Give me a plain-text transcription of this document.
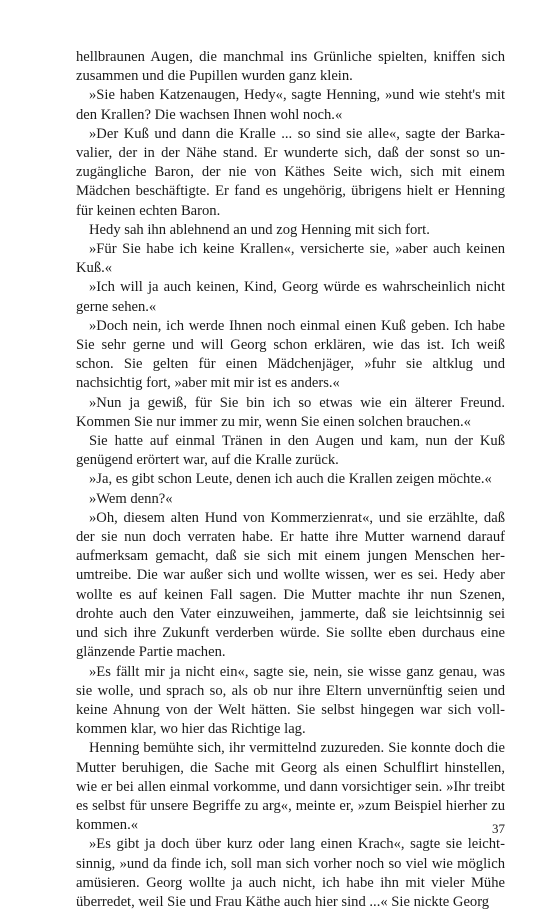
hellbraunen Augen, die manchmal ins Grünliche spielten, kniffen sich zusammen und die Pupillen wurden ganz klein.

»Sie haben Katzenaugen, Hedy«, sagte Henning, »und wie steht's mit den Krallen? Die wachsen Ihnen wohl noch.«

»Der Kuß und dann die Kralle ... so sind sie alle«, sagte der Barkavalier, der in der Nähe stand. Er wunderte sich, daß der sonst so unzugängliche Baron, der nie von Käthes Seite wich, sich mit einem Mädchen beschäftigte. Er fand es ungehörig, übrigens hielt er Henning für keinen echten Baron.

Hedy sah ihn ablehnend an und zog Henning mit sich fort.

»Für Sie habe ich keine Krallen«, versicherte sie, »aber auch keinen Kuß.«

»Ich will ja auch keinen, Kind, Georg würde es wahrscheinlich nicht gerne sehen.«

»Doch nein, ich werde Ihnen noch einmal einen Kuß geben. Ich habe Sie sehr gerne und will Georg schon erklären, wie das ist. Ich weiß schon. Sie gelten für einen Mädchenjäger, »fuhr sie altklug und nachsichtig fort, »aber mit mir ist es anders.«

»Nun ja gewiß, für Sie bin ich so etwas wie ein älterer Freund. Kommen Sie nur immer zu mir, wenn Sie einen solchen brauchen.«

Sie hatte auf einmal Tränen in den Augen und kam, nun der Kuß genügend erörtert war, auf die Kralle zurück.

»Ja, es gibt schon Leute, denen ich auch die Krallen zeigen möchte.«

»Wem denn?«

»Oh, diesem alten Hund von Kommerzienrat«, und sie erzählte, daß der sie nun doch verraten habe. Er hatte ihre Mutter warnend darauf aufmerksam gemacht, daß sie sich mit einem jungen Menschen herumtreibe. Die war außer sich und wollte wissen, wer es sei. Hedy aber wollte es auf keinen Fall sagen. Die Mutter machte ihr nun Szenen, drohte auch den Vater einzuweihen, jammerte, daß sie leichtsinnig sei und sich ihre Zukunft verderben würde. Sie sollte eben durchaus eine glänzende Partie machen.

»Es fällt mir ja nicht ein«, sagte sie, nein, sie wisse ganz genau, was sie wolle, und sprach so, als ob nur ihre Eltern unvernünftig seien und keine Ahnung von der Welt hätten. Sie selbst hingegen war sich vollkommen klar, wo hier das Richtige lag.

Henning bemühte sich, ihr vermittelnd zuzureden. Sie konnte doch die Mutter beruhigen, die Sache mit Georg als einen Schulflirt hinstellen, wie er bei allen einmal vorkomme, und dann vorsichtiger sein. »Ihr treibt es selbst für unsere Begriffe zu arg«, meinte er, »zum Beispiel hierher zu kommen.«

»Es gibt ja doch über kurz oder lang einen Krach«, sagte sie leichtsinnig, »und da finde ich, soll man sich vorher noch so viel wie möglich amüsieren. Georg wollte ja auch nicht, ich habe ihn mit vieler Mühe überredet, weil Sie und Frau Käthe auch hier sind ...« Sie nickte Georg

37
